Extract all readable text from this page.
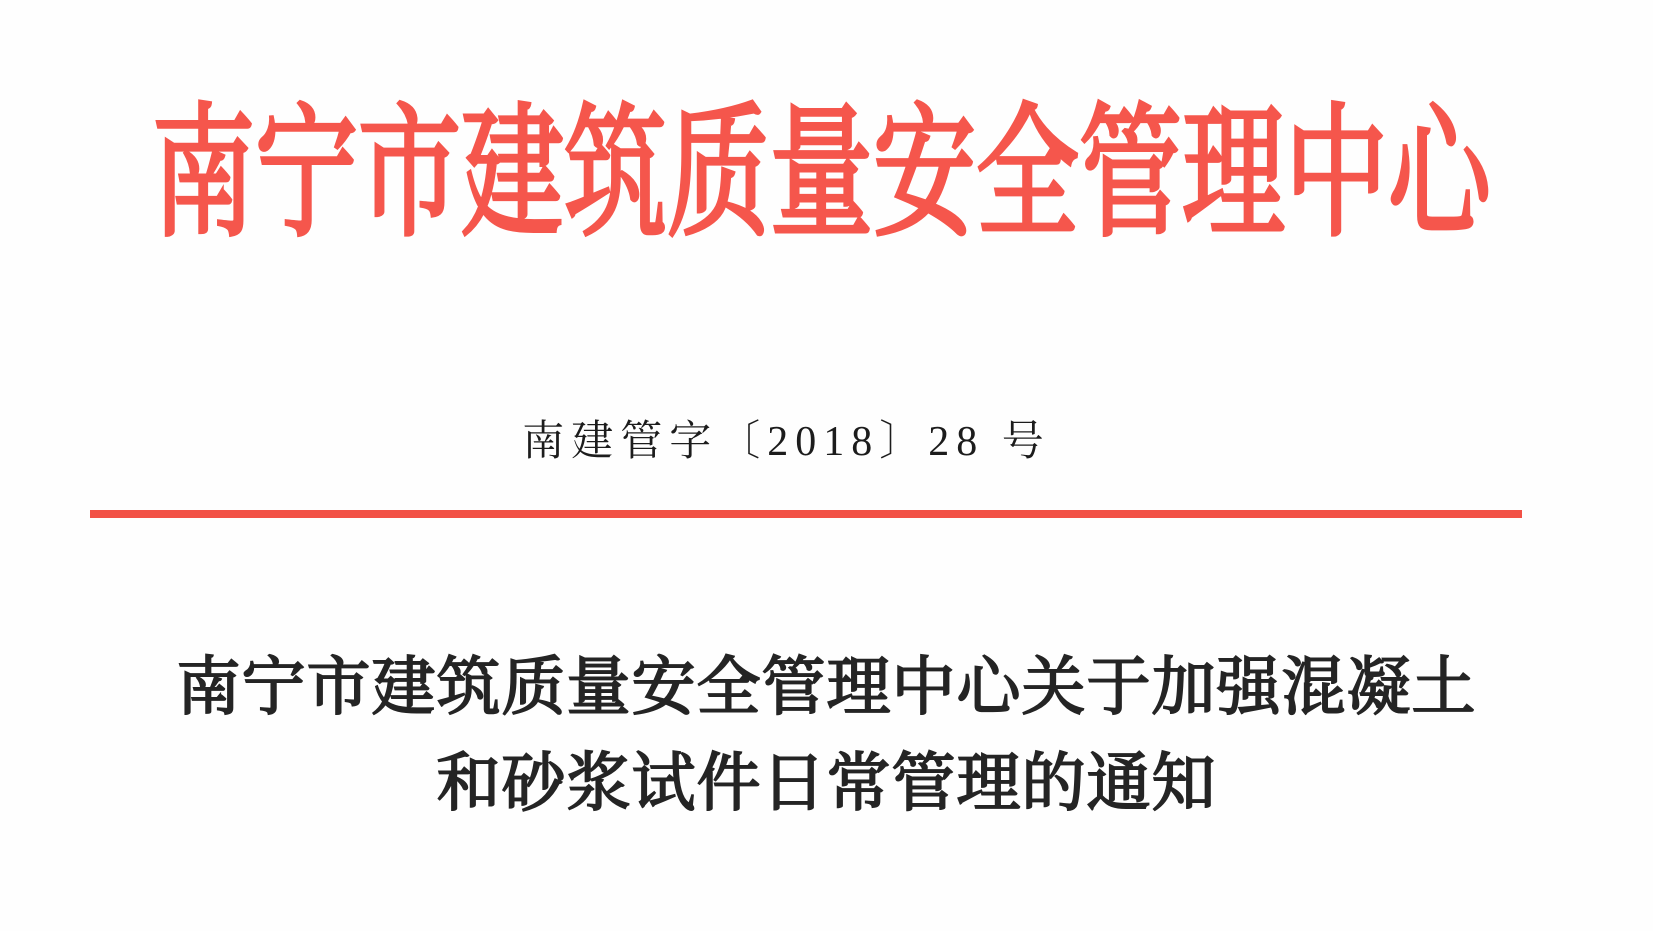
南宁市建筑质量安全管理中心
南建管字〔2018〕28 号
南宁市建筑质量安全管理中心关于加强混凝土
和砂浆试件日常管理的通知
